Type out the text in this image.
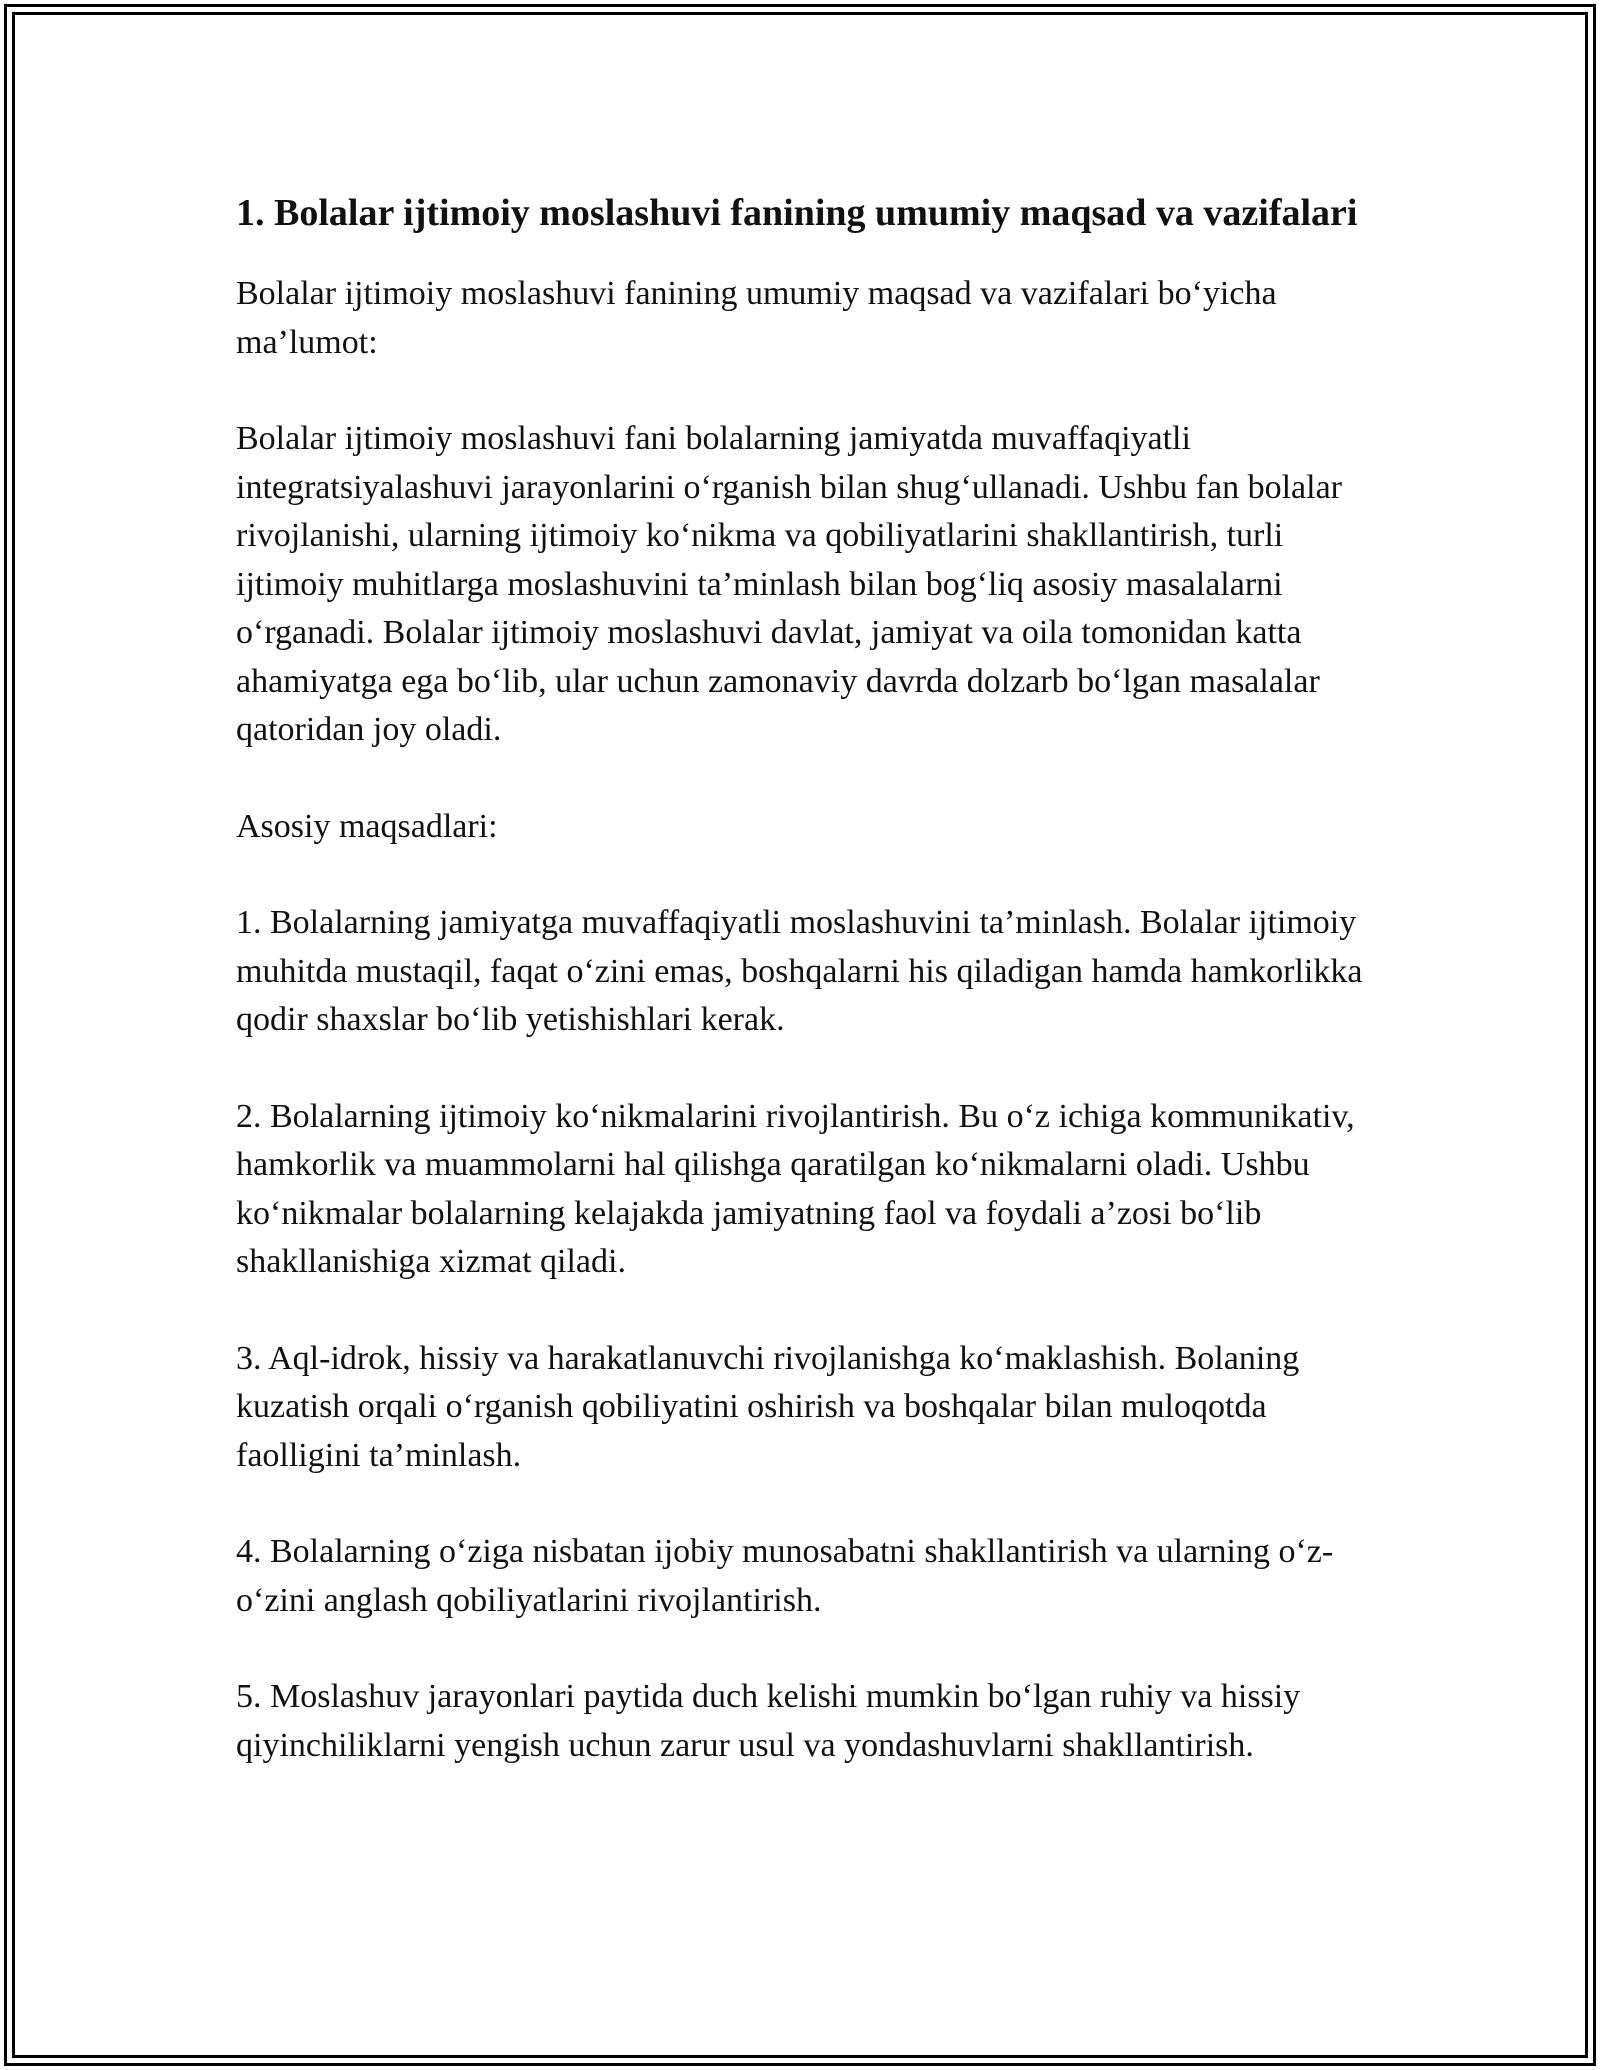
1. Bolalar ijtimoiy moslashuvi fanining umumiy maqsad va vazifalari

Bolalar ijtimoiy moslashuvi fanining umumiy maqsad va vazifalari bo‘yicha ma’lumot:

Bolalar ijtimoiy moslashuvi fani bolalarning jamiyatda muvaffaqiyatli integratsiyalashuvi jarayonlarini o‘rganish bilan shug‘ullanadi. Ushbu fan bolalar rivojlanishi, ularning ijtimoiy ko‘nikma va qobiliyatlarini shakllantirish, turli ijtimoiy muhitlarga moslashuvini ta’minlash bilan bog‘liq asosiy masalalarni o‘rganadi. Bolalar ijtimoiy moslashuvi davlat, jamiyat va oila tomonidan katta ahamiyatga ega bo‘lib, ular uchun zamonaviy davrda dolzarb bo‘lgan masalalar qatoridan joy oladi.

Asosiy maqsadlari:

1. Bolalarning jamiyatga muvaffaqiyatli moslashuvini ta’minlash. Bolalar ijtimoiy muhitda mustaqil, faqat o‘zini emas, boshqalarni his qiladigan hamda hamkorlikka qodir shaxslar bo‘lib yetishishlari kerak.

2. Bolalarning ijtimoiy ko‘nikmalarini rivojlantirish. Bu o‘z ichiga kommunikativ, hamkorlik va muammolarni hal qilishga qaratilgan ko‘nikmalarni oladi. Ushbu ko‘nikmalar bolalarning kelajakda jamiyatning faol va foydali a’zosi bo‘lib shakllanishiga xizmat qiladi.

3. Aql-idrok, hissiy va harakatlanuvchi rivojlanishga ko‘maklashish. Bolaning kuzatish orqali o‘rganish qobiliyatini oshirish va boshqalar bilan muloqotda faolligini ta’minlash.

4. Bolalarning o‘ziga nisbatan ijobiy munosabatni shakllantirish va ularning o‘z-o‘zini anglash qobiliyatlarini rivojlantirish.

5. Moslashuv jarayonlari paytida duch kelishi mumkin bo‘lgan ruhiy va hissiy qiyinchiliklarni yengish uchun zarur usul va yondashuvlarni shakllantirish.
